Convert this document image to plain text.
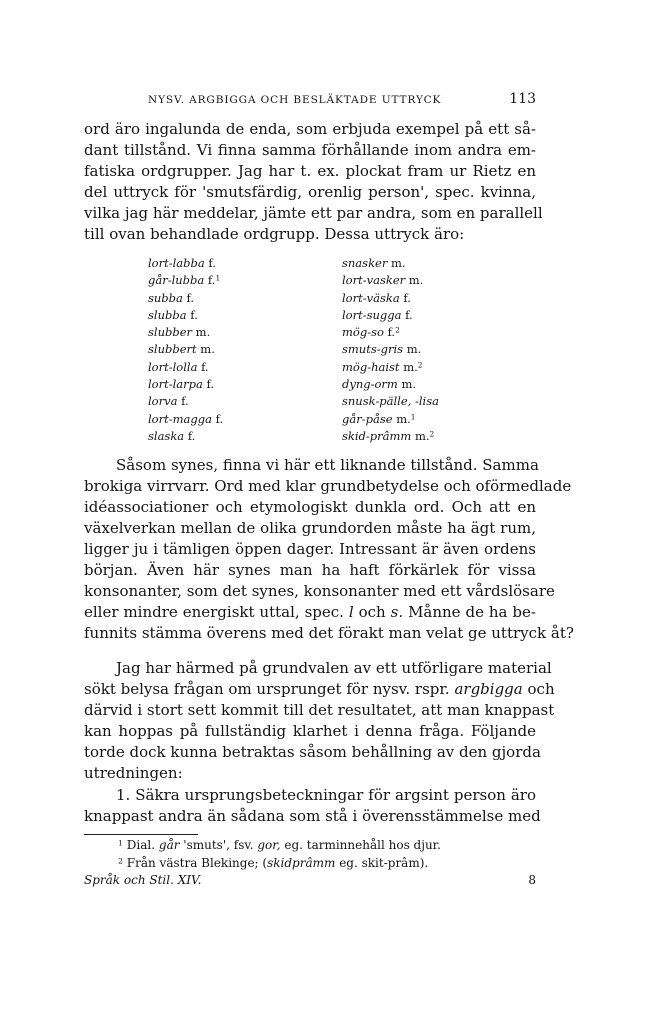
NYSV. ARGBIGGA OCH BESLÄKTADE UTTRYCK	113
ord äro ingalunda de enda, som erbjuda exempel på ett så-
dant tillstånd. Vi finna samma förhållande inom andra em-
fatiska ordgrupper. Jag har t. ex. plockat fram ur Rietz en
del uttryck för 'smutsfärdig, orenlig person', spec. kvinna,
vilka jag här meddelar, jämte ett par andra, som en parallell
till ovan behandlade ordgrupp. Dessa uttryck äro:
lort-labba f.	snasker m.
går-lubba f.$^1$	lort-vasker m.
subba f.	lort-väska f.
slubba f.	lort-sugga f.
slubber m.	mög-so f.$^2$
slubbert m.	smuts-gris m.
lort-lolla f.	mög-haist m.$^2$
lort-larpa f.	dyng-orm m.
lorva f.	snusk-pälle, -lisa
lort-magga f.	går-påse m.$^1$
slaska f.	skid-prâmm m.$^2$
Såsom synes, finna vi här ett liknande tillstånd. Samma
brokiga virrvarr. Ord med klar grundbetydelse och oförmedlade
idéassociationer och etymologiskt dunkla ord. Och att en
växelverkan mellan de olika grundorden måste ha ägt rum,
ligger ju i tämligen öppen dager. Intressant är även ordens
början. Även här synes man ha haft förkärlek för vissa
konsonanter, som det synes, konsonanter med ett vårdslösare
eller mindre energiskt uttal, spec. l och s. Månne de ha be-
funnits stämma överens med det förakt man velat ge uttryck åt?
Jag har härmed på grundvalen av ett utförligare material
sökt belysa frågan om ursprunget för nysv. rspr. argbigga och
därvid i stort sett kommit till det resultatet, att man knappast
kan hoppas på fullständig klarhet i denna fråga. Följande
torde dock kunna betraktas såsom behållning av den gjorda
utredningen:
1. Säkra ursprungsbeteckningar för argsint person äro
knappast andra än sådana som stå i överensstämmelse med
$^1$ Dial. går 'smuts', fsv. gor, eg. tarminnehåll hos djur.
$^2$ Från västra Blekinge; (skidprâmm eg. skit-prâm).
Språk och Stil. XIV.	8
